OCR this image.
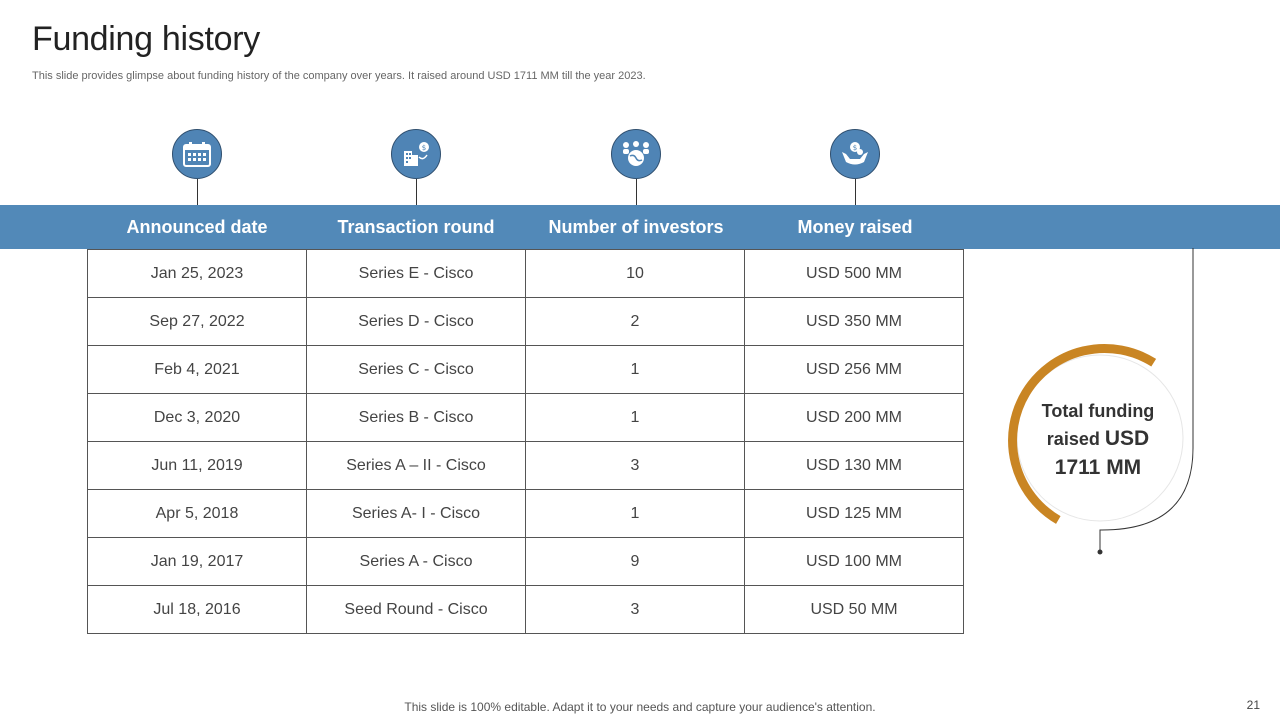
Funding history
This slide provides glimpse about funding history of the company over years. It raised around USD 1711 MM till the year 2023.
$	$
Announced date	Transaction round	Number of investors	Money raised
Jan 25, 2023	Series E - Cisco	10	USD 500 MM
Sep 27, 2022	Series D - Cisco	2	USD 350 MM
Feb 4, 2021	Series C - Cisco	1	USD 256 MM
Dec 3, 2020	Series B - Cisco	1	USD 200 MM
Jun 11, 2019	Series A – II - Cisco	3	USD 130 MM
Apr 5, 2018	Series A- I - Cisco	1	USD 125 MM
Jan 19, 2017	Series A - Cisco	9	USD 100 MM
Jul 18, 2016	Seed Round - Cisco	3	USD 50 MM
Total funding
raised USD
1711 MM
This slide is 100% editable. Adapt it to your needs and capture your audience's attention.	21
